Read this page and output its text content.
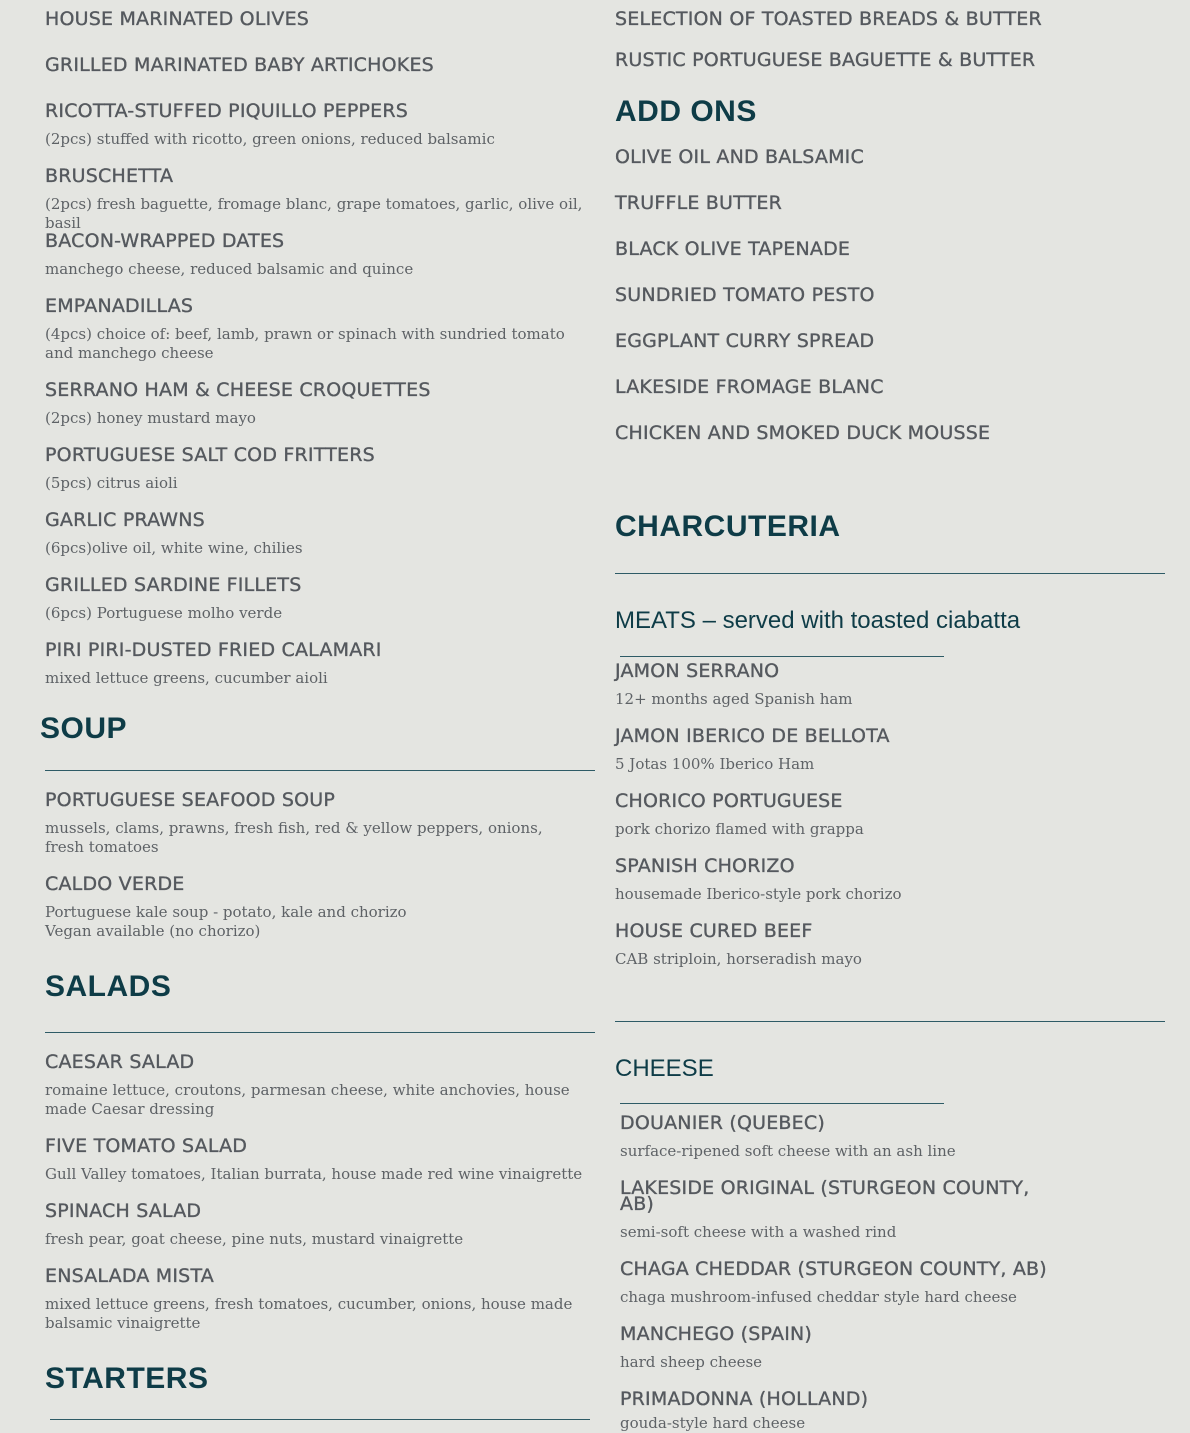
HOUSE MARINATED OLIVES
GRILLED MARINATED BABY ARTICHOKES
RICOTTA-STUFFED PIQUILLO PEPPERS
(2pcs) stuffed with ricotto, green onions, reduced balsamic
BRUSCHETTA
(2pcs) fresh baguette, fromage blanc, grape tomatoes, garlic, olive oil, basil
BACON-WRAPPED DATES
manchego cheese, reduced balsamic and quince
EMPANADILLAS
(4pcs) choice of: beef, lamb, prawn or spinach with sundried tomato and manchego cheese
SERRANO HAM & CHEESE CROQUETTES
(2pcs) honey mustard mayo
PORTUGUESE SALT COD FRITTERS
(5pcs) citrus aioli
GARLIC PRAWNS
(6pcs)olive oil, white wine, chilies
GRILLED SARDINE FILLETS
(6pcs) Portuguese molho verde
PIRI PIRI-DUSTED FRIED CALAMARI
mixed lettuce greens, cucumber aioli
SOUP
PORTUGUESE SEAFOOD SOUP
mussels, clams, prawns, fresh fish, red & yellow peppers, onions, fresh tomatoes
CALDO VERDE
Portuguese kale soup - potato, kale and chorizo
Vegan available (no chorizo)
SALADS
CAESAR SALAD
romaine lettuce, croutons, parmesan cheese, white anchovies, house made Caesar dressing
FIVE TOMATO SALAD
Gull Valley tomatoes, Italian burrata, house made red wine vinaigrette
SPINACH SALAD
fresh pear, goat cheese, pine nuts, mustard vinaigrette
ENSALADA MISTA
mixed lettuce greens, fresh tomatoes, cucumber, onions, house made balsamic vinaigrette
STARTERS
SELECTION OF TOASTED BREADS & BUTTER
RUSTIC PORTUGUESE BAGUETTE & BUTTER
ADD ONS
OLIVE OIL AND BALSAMIC
TRUFFLE BUTTER
BLACK OLIVE TAPENADE
SUNDRIED TOMATO PESTO
EGGPLANT CURRY SPREAD
LAKESIDE FROMAGE BLANC
CHICKEN AND SMOKED DUCK MOUSSE
CHARCUTERIA
MEATS – served with toasted ciabatta
JAMON SERRANO
12+ months aged Spanish ham
JAMON IBERICO DE BELLOTA
5 Jotas 100% Iberico Ham
CHORICO PORTUGUESE
pork chorizo flamed with grappa
SPANISH CHORIZO
housemade Iberico-style pork chorizo
HOUSE CURED BEEF
CAB striploin, horseradish mayo
CHEESE
DOUANIER (QUEBEC)
surface-ripened soft cheese with an ash line
LAKESIDE ORIGINAL (STURGEON COUNTY, AB)
semi-soft cheese with a washed rind
CHAGA CHEDDAR (STURGEON COUNTY, AB)
chaga mushroom-infused cheddar style hard cheese
MANCHEGO (SPAIN)
hard sheep cheese
PRIMADONNA (HOLLAND)
gouda-style hard cheese
